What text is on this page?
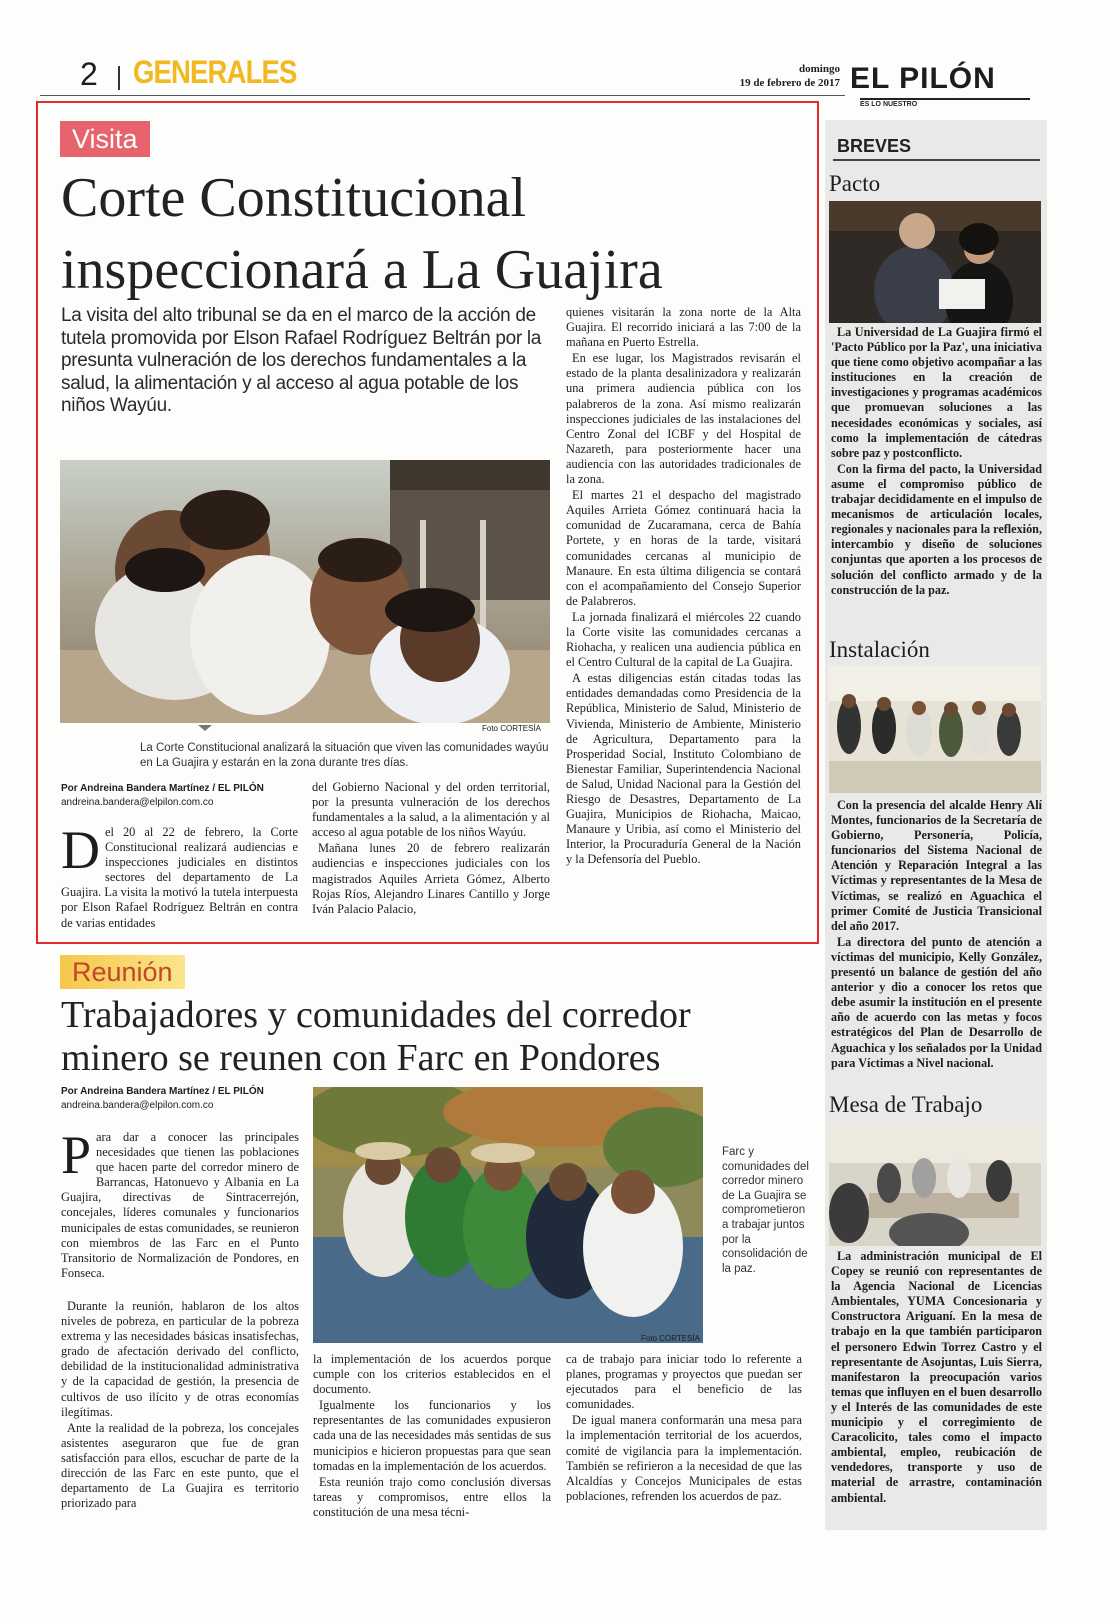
2 GENERALES	domingo
19 de febrero de 2017 EL PILÓN
ES LO NUESTRO
Visita
Corte Constitucional
inspeccionará a La Guajira
La visita del alto tribunal se da en el marco de la acción de tutela promovida por Elson Rafael Rodríguez Beltrán por la presunta vulneración de los derechos fundamentales a la salud, la alimentación y al acceso al agua potable de los niños Wayúu.
Foto CORTESÍA
La Corte Constitucional analizará la situación que viven las comunidades wayúu en La Guajira y estarán en la zona durante tres días.
Por Andreina Bandera Martínez / EL PILÓN
andreina.bandera@elpilon.com.co
D el 20 al 22 de febrero, la Corte Constitucional realizará audiencias e inspecciones judiciales en distintos sectores del departamento de La Guajira. La visita la motivó la tutela interpuesta por Elson Rafael Rodríguez Beltrán en contra de varias entidades

del Gobierno Nacional y del orden territorial, por la presunta vulneración de los derechos fundamentales a la salud, a la alimentación y al acceso al agua potable de los niños Wayúu.

Mañana lunes 20 de febrero realizarán audiencias e inspecciones judiciales con los magistrados Aquiles Arrieta Gómez, Alberto Rojas Ríos, Alejandro Linares Cantillo y Jorge Iván Palacio Palacio,

quienes visitarán la zona norte de la Alta Guajira. El recorrido iniciará a las 7:00 de la mañana en Puerto Estrella.

En ese lugar, los Magistrados revisarán el estado de la planta desalinizadora y realizarán una primera audiencia pública con los palabreros de la zona. Así mismo realizarán inspecciones judiciales de las instalaciones del Centro Zonal del ICBF y del Hospital de Nazareth, para posteriormente hacer una audiencia con las autoridades tradicionales de la zona.

El martes 21 el despacho del magistrado Aquiles Arrieta Gómez continuará hacia la comunidad de Zucaramana, cerca de Bahía Portete, y en horas de la tarde, visitará comunidades cercanas al municipio de Manaure. En esta última diligencia se contará con el acompañamiento del Consejo Superior de Palabreros.

La jornada finalizará el miércoles 22 cuando la Corte visite las comunidades cercanas a Riohacha, y realicen una audiencia pública en el Centro Cultural de la capital de La Guajira.

A estas diligencias están citadas todas las entidades demandadas como Presidencia de la República, Ministerio de Salud, Ministerio de Vivienda, Ministerio de Ambiente, Ministerio de Agricultura, Departamento para la Prosperidad Social, Instituto Colombiano de Bienestar Familiar, Superintendencia Nacional de Salud, Unidad Nacional para la Gestión del Riesgo de Desastres, Departamento de La Guajira, Municipios de Riohacha, Maicao, Manaure y Uribia, así como el Ministerio del Interior, la Procuraduría General de la Nación y la Defensoría del Pueblo.

Reunión
Trabajadores y comunidades del corredor
minero se reunen con Farc en Pondores
Por Andreina Bandera Martínez / EL PILÓN
andreina.bandera@elpilon.com.co
P ara dar a conocer las principales necesidades que tienen las poblaciones que hacen parte del corredor minero de Barrancas, Hatonuevo y Albania en La Guajira, directivas de Sintracerrejón, concejales, líderes comunales y funcionarios municipales de estas comunidades, se reunieron con miembros de las Farc en el Punto Transitorio de Normalización de Pondores, en Fonseca.

Durante la reunión, hablaron de los altos niveles de pobreza, en particular de la pobreza extrema y las necesidades básicas insatisfechas, grado de afectación derivado del conflicto, debilidad de la institucionalidad administrativa y de la capacidad de gestión, la presencia de cultivos de uso ilícito y de otras economías ilegítimas.

Ante la realidad de la pobreza, los concejales asistentes aseguraron que fue de gran satisfacción para ellos, escuchar de parte de la dirección de las Farc en este punto, que el departamento de La Guajira es territorio priorizado para

Foto CORTESÍA
Farc y comunidades del corredor minero de La Guajira se comprometieron a trabajar juntos por la consolidación de la paz.

la implementación de los acuerdos porque cumple con los criterios establecidos en el documento.

Igualmente los funcionarios y los representantes de las comunidades expusieron cada una de las necesidades más sentidas de sus municipios e hicieron propuestas para que sean tomadas en la implementación de los acuerdos.

Esta reunión trajo como conclusión diversas tareas y compromisos, entre ellos la constitución de una mesa técni-

ca de trabajo para iniciar todo lo referente a planes, programas y proyectos que puedan ser ejecutados para el beneficio de las comunidades.

De igual manera conformarán una mesa para la implementación territorial de los acuerdos, comité de vigilancia para la implementación. También se refirieron a la necesidad de que las Alcaldías y Concejos Municipales de estas poblaciones, refrenden los acuerdos de paz.

BREVES
Pacto

La Universidad de La Guajira firmó el 'Pacto Público por la Paz', una iniciativa que tiene como objetivo acompañar a las instituciones en la creación de investigaciones y programas académicos que promuevan soluciones a las necesidades económicas y sociales, así como la implementación de cátedras sobre paz y postconflicto.

Con la firma del pacto, la Universidad asume el compromiso público de trabajar decididamente en el impulso de mecanismos de articulación locales, regionales y nacionales para la reflexión, intercambio y diseño de soluciones conjuntas que aporten a los procesos de solución del conflicto armado y de la construcción de la paz.

Instalación

Con la presencia del alcalde Henry Alí Montes, funcionarios de la Secretaría de Gobierno, Personería, Policía, funcionarios del Sistema Nacional de Atención y Reparación Integral a las Víctimas y representantes de la Mesa de Víctimas, se realizó en Aguachica el primer Comité de Justicia Transicional del año 2017.

La directora del punto de atención a víctimas del municipio, Kelly González, presentó un balance de gestión del año anterior y dio a conocer los retos que debe asumir la institución en el presente año de acuerdo con las metas y focos estratégicos del Plan de Desarrollo de Aguachica y los señalados por la Unidad para Víctimas a Nivel nacional.

Mesa de Trabajo

La administración municipal de El Copey se reunió con representantes de la Agencia Nacional de Licencias Ambientales, YUMA Concesionaria y Constructora Ariguaní. En la mesa de trabajo en la que también participaron el personero Edwin Torrez Castro y el representante de Asojuntas, Luis Sierra, manifestaron la preocupación varios temas que influyen en el buen desarrollo y el Interés de las comunidades de este municipio y el corregimiento de Caracolicito, tales como el impacto ambiental, empleo, reubicación de vendedores, transporte y uso de material de arrastre, contaminación ambiental.
